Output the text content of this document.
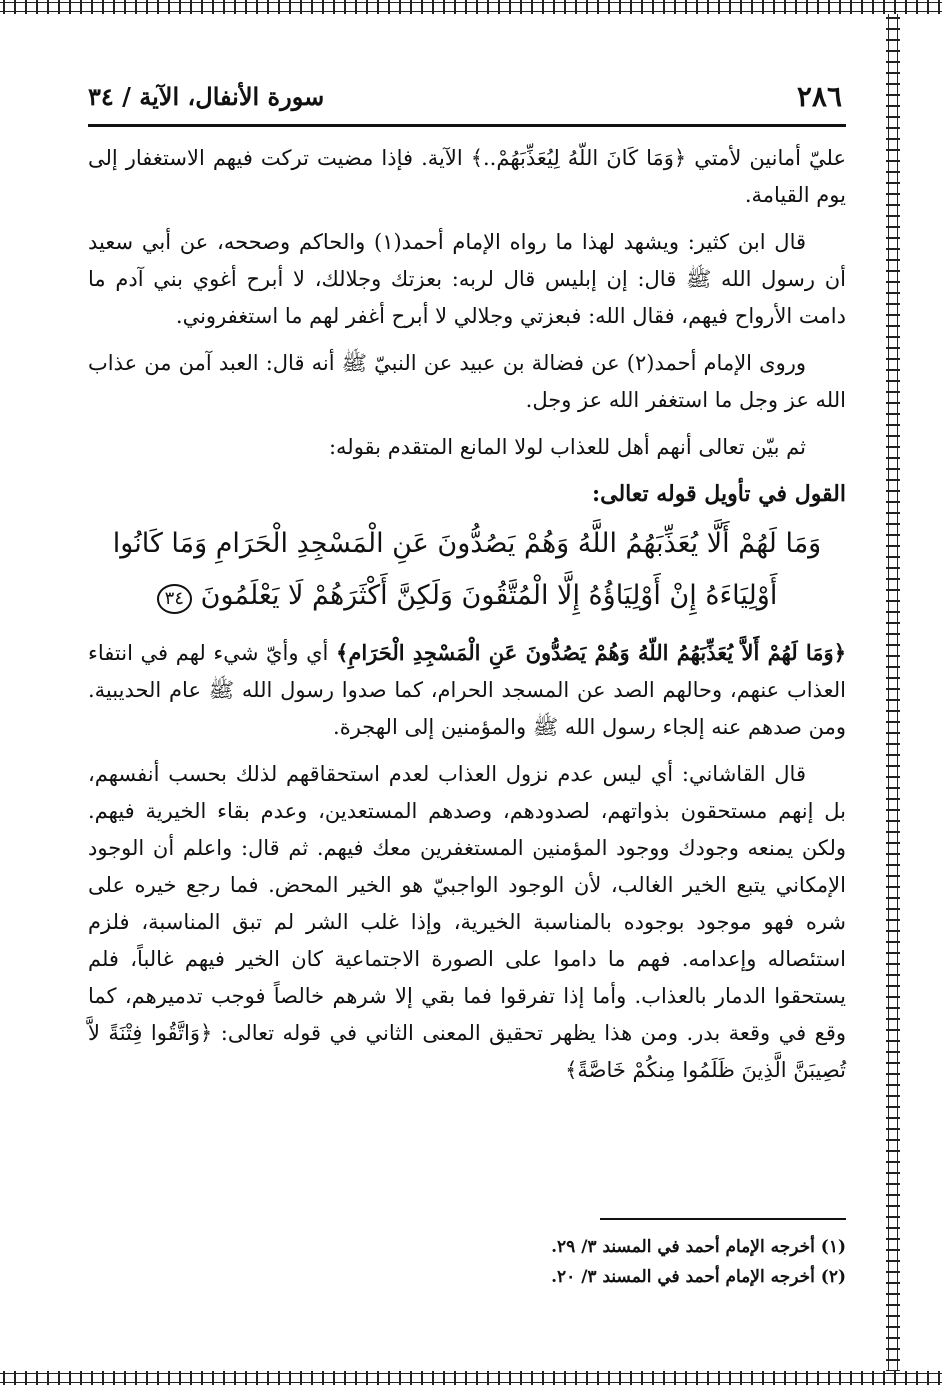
٢٨٦
سورة الأنفال، الآية / ٣٤

عليّ أمانين لأمتي ﴿وَمَا كَانَ اللّهُ لِيُعَذِّبَهُمْ..﴾ الآية. فإذا مضيت تركت فيهم الاستغفار إلى يوم القيامة.

قال ابن كثير: ويشهد لهذا ما رواه الإمام أحمد(١) والحاكم وصححه، عن أبي سعيد أن رسول الله ﷺ قال: إن إبليس قال لربه: بعزتك وجلالك، لا أبرح أغوي بني آدم ما دامت الأرواح فيهم، فقال الله: فبعزتي وجلالي لا أبرح أغفر لهم ما استغفروني.

وروى الإمام أحمد(٢) عن فضالة بن عبيد عن النبيّ ﷺ أنه قال: العبد آمن من عذاب الله عز وجل ما استغفر الله عز وجل.

ثم بيّن تعالى أنهم أهل للعذاب لولا المانع المتقدم بقوله:

القول في تأويل قوله تعالى:
وَمَا لَهُمْ أَلَّا يُعَذِّبَهُمُ اللَّهُ وَهُمْ يَصُدُّونَ عَنِ الْمَسْجِدِ الْحَرَامِ وَمَا كَانُوا أَوْلِيَاءَهُ إِنْ أَوْلِيَاؤُهُ إِلَّا الْمُتَّقُونَ وَلَكِنَّ أَكْثَرَهُمْ لَا يَعْلَمُونَ ٣٤

﴿وَمَا لَهُمْ أَلاَّ يُعَذِّبَهُمُ اللّهُ وَهُمْ يَصُدُّونَ عَنِ الْمَسْجِدِ الْحَرَامِ﴾ أي وأيّ شيء لهم في انتفاء العذاب عنهم، وحالهم الصد عن المسجد الحرام، كما صدوا رسول الله ﷺ عام الحديبية. ومن صدهم عنه إلجاء رسول الله ﷺ والمؤمنين إلى الهجرة.

قال القاشاني: أي ليس عدم نزول العذاب لعدم استحقاقهم لذلك بحسب أنفسهم، بل إنهم مستحقون بذواتهم، لصدودهم، وصدهم المستعدين، وعدم بقاء الخيرية فيهم. ولكن يمنعه وجودك ووجود المؤمنين المستغفرين معك فيهم. ثم قال: واعلم أن الوجود الإمكاني يتبع الخير الغالب، لأن الوجود الواجبيّ هو الخير المحض. فما رجع خيره على شره فهو موجود بوجوده بالمناسبة الخيرية، وإذا غلب الشر لم تبق المناسبة، فلزم استئصاله وإعدامه. فهم ما داموا على الصورة الاجتماعية كان الخير فيهم غالباً، فلم يستحقوا الدمار بالعذاب. وأما إذا تفرقوا فما بقي إلا شرهم خالصاً فوجب تدميرهم، كما وقع في وقعة بدر. ومن هذا يظهر تحقيق المعنى الثاني في قوله تعالى: ﴿وَاتَّقُوا فِتْنَةً لاَّ تُصِيبَنَّ الَّذِينَ ظَلَمُوا مِنكُمْ خَاصَّةً﴾

(١) أخرجه الإمام أحمد في المسند ٣/ ٢٩.
(٢) أخرجه الإمام أحمد في المسند ٣/ ٢٠.
